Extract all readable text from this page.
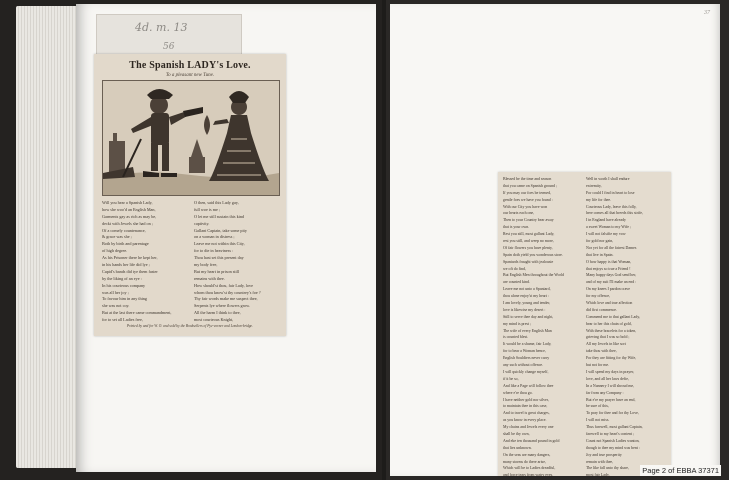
4d. m. 13
56
The Spanish LADY's Love.
To a pleasant new Tune.
Will you hear a Spanish Lady,
how she woo'd an English Man,
Garments gay as rich as may be,
deckt with Jewels she had on ;
Of a comely countenance,
& grace was she ;
Both by birth and parentage
of high degree.
As his Prisoner there he kept her,
in his hands her life did lye ;
Cupid's bands did tye them faster
by the liking of an eye :
In his courteous company
was all her joy ;
To favour him in any thing
she was not coy.
But at the last there came commandment,
for to set all Ladies free,
O then, said this Lady gay,
full woe is me ;
O let me still sustain this kind
captivity.
Gallant Captain, take some pity
on a woman in distress ;
Leave me not within this City,
for to die in heaviness :
Thou hast set this present day
my body free,
But my heart in prison still
remains with thee.
How should'st thou, fair Lady, love
whom thou know'st thy countrey's foe ?
Thy fair words make me suspect thee,
Serpents lye where flowers grow.
All the harm I think to thee,
most courteous Knight,
Printed by and for W. O. and sold by the Booksellers of Pye-corner and London-bridge.
37
Blessed be the time and season
that you came on Spanish ground ;
If you may our foes be termed,
gentle foes we have you found :
With our City you have won
our hearts each one,
Then to your Country bear away
that is your own.
Rest you still, most gallant Lady,
rest you still, and weep no more,
Of fair flowers you have plenty,
Spain doth yield you wonderous store.
Spaniards fraught with jealousie
we oft do find,
But English Men throughout the World
are counted kind.
Leave me not unto a Spaniard,
thou alone enjoy'st my heart :
I am lovely, young and tender,
love is likewise my desert :
Still to serve thee day and night,
my mind is prest ;
The wife of every English Man
is counted blest.
It would be a shame, fair Lady,
for to bear a Woman hence,
English Souldiers never carry
any such without offence.
I will quickly change myself,
if it be so,
And like a Page will follow thee
where e're thou go.
I have neither gold nor silver,
to maintain thee in this case,
And to travel is great charges,
as you know in every place.
My chains and Jewels every one
shall be thy own,
And eke ten thousand pound in gold
that lies unknown.
On the seas are many dangers,
many storms do there arise,
Which will be to Ladies dreadful,
and force tears from watry eyes.
Well in worth I shall endure
extremity,
For could I find in heart to lose
my life for thee.
Courteous Lady, leave this folly,
here comes all that breeds this strife,
I in England have already
a sweet Woman to my Wife ;
I will not falsifie my vow
for gold nor gain,
Nor yet for all the fairest Dames
that live in Spain.
O how happy is that Woman,
that enjoys so true a Friend !
Many happy days God send her,
and of my suit I'll make an end :
On my knees I pardon crave
for my offence,
Which love and true affection
did first commence.
Commend me to that gallant Lady,
bear to her this chain of gold,
With these bracelets for a token,
grieving that I was so bold ;
All my Jewels in like sort
take thou with thee,
For they are fitting for thy Wife,
but not for me.
I will spend my days in prayer,
love, and all her laws defie,
In a Nunnery I will shroud me,
far from any Company :
But e're my prayer have an end,
be sure of this,
To pray for thee and for thy Love,
I will not miss.
Thus farewell, most gallant Captain,
farewell to my heart's content ;
Count not Spanish Ladies wanton,
though to thee my mind was bent :
Joy and true prosperity
remain with thee,
The like fall unto thy share,
most fair Lady.
Page 2 of EBBA 37371
